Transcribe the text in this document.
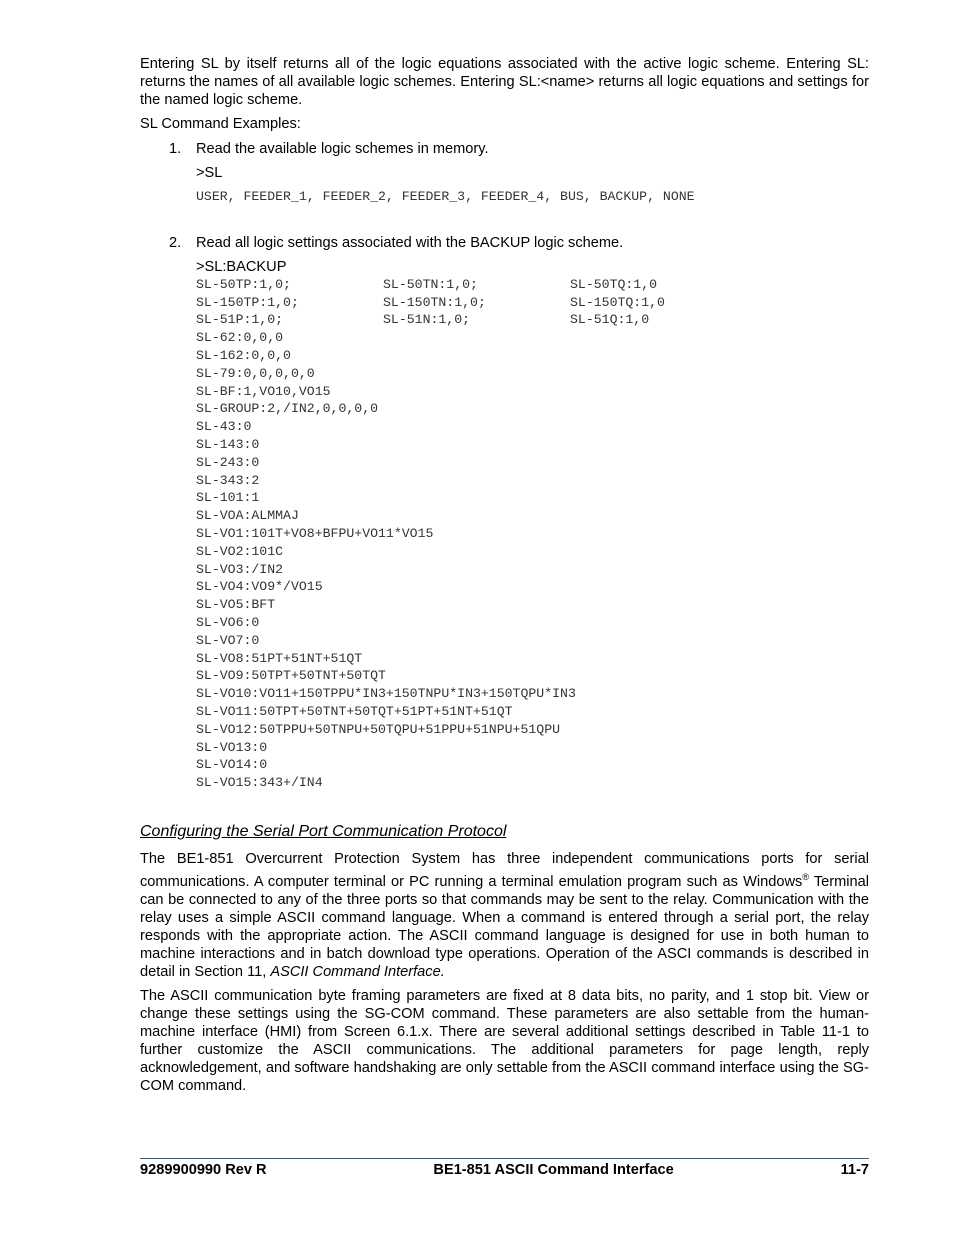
Entering SL by itself returns all of the logic equations associated with the active logic scheme. Entering SL: returns the names of all available logic schemes. Entering SL:<name> returns all logic equations and settings for the named logic scheme.

SL Command Examples:

1. Read the available logic schemes in memory.
>SL
USER, FEEDER_1, FEEDER_2, FEEDER_3, FEEDER_4, BUS, BACKUP, NONE
2. Read all logic settings associated with the BACKUP logic scheme.
>SL:BACKUP
SL-50TP:1,0;	SL-50TN:1,0;	SL-50TQ:1,0
SL-150TP:1,0;	SL-150TN:1,0;	SL-150TQ:1,0
SL-51P:1,0;	SL-51N:1,0;	SL-51Q:1,0
SL-62:0,0,0
SL-162:0,0,0
SL-79:0,0,0,0,0
SL-BF:1,VO10,VO15
SL-GROUP:2,/IN2,0,0,0,0
SL-43:0
SL-143:0
SL-243:0
SL-343:2
SL-101:1
SL-VOA:ALMMAJ
SL-VO1:101T+VO8+BFPU+VO11*VO15
SL-VO2:101C
SL-VO3:/IN2
SL-VO4:VO9*/VO15
SL-VO5:BFT
SL-VO6:0
SL-VO7:0
SL-VO8:51PT+51NT+51QT
SL-VO9:50TPT+50TNT+50TQT
SL-VO10:VO11+150TPPU*IN3+150TNPU*IN3+150TQPU*IN3
SL-VO11:50TPT+50TNT+50TQT+51PT+51NT+51QT
SL-VO12:50TPPU+50TNPU+50TQPU+51PPU+51NPU+51QPU
SL-VO13:0
SL-VO14:0
SL-VO15:343+/IN4
Configuring the Serial Port Communication Protocol

The BE1-851 Overcurrent Protection System has three independent communications ports for serial communications. A computer terminal or PC running a terminal emulation program such as Windows® Terminal can be connected to any of the three ports so that commands may be sent to the relay. Communication with the relay uses a simple ASCII command language. When a command is entered through a serial port, the relay responds with the appropriate action. The ASCII command language is designed for use in both human to machine interactions and in batch download type operations. Operation of the ASCI commands is described in detail in Section 11, ASCII Command Interface.

The ASCII communication byte framing parameters are fixed at 8 data bits, no parity, and 1 stop bit. View or change these settings using the SG-COM command. These parameters are also settable from the human-machine interface (HMI) from Screen 6.1.x. There are several additional settings described in Table 11-1 to further customize the ASCII communications. The additional parameters for page length, reply acknowledgement, and software handshaking are only settable from the ASCII command interface using the SG-COM command.

9289900990 Rev R	BE1-851 ASCII Command Interface	11-7
